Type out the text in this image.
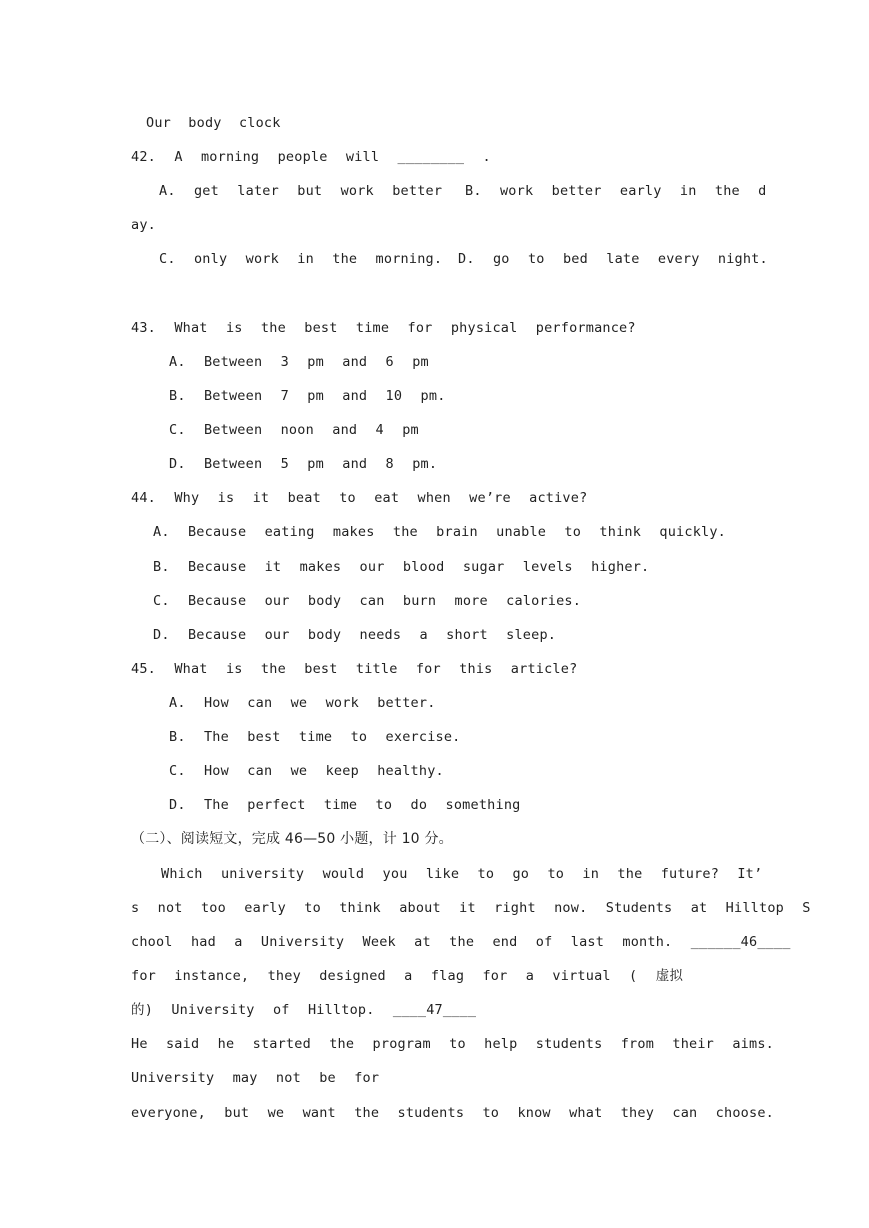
Our body clock
42. A morning people will ________ .
A. get later but work better B. work better early in the d
ay.
C. only work in the morning. D. go to bed late every night.
43. What is the best time for physical performance?
A. Between 3 pm and 6 pm
B. Between 7 pm and 10 pm.
C. Between noon and 4 pm
D. Between 5 pm and 8 pm.
44. Why is it beat to eat when we’re active?
A. Because eating makes the brain unable to think quickly.
B. Because it makes our blood sugar levels higher.
C. Because our body can burn more calories.
D. Because our body needs a short sleep.
45. What is the best title for this article?
A. How can we work better.
B. The best time to exercise.
C. How can we keep healthy.
D. The perfect time to do something
（二）、阅读短文，完成 46—50 小题，计 10 分。
Which university would you like to go to in the future? It’
s not too early to think about it right now. Students at Hilltop S
chool had a University Week at the end of last month. ______46____
for instance, they designed a flag for a virtual ( 虚拟
的) University of Hilltop. ____47____
He said he started the program to help students from their aims.
University may not be for
everyone, but we want the students to know what they can choose.
